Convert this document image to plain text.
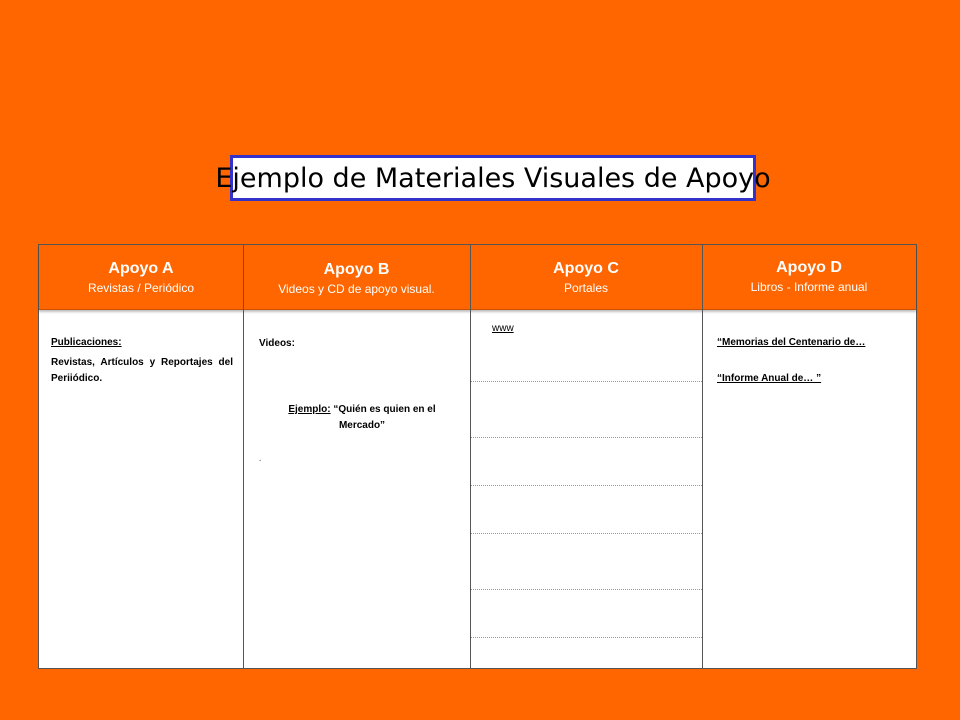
Ejemplo de Materiales Visuales de Apoyo
Apoyo A
Revistas / Periódico
Apoyo B
Videos y CD de apoyo visual.
Apoyo C
Portales
Apoyo D
Libros - Informe anual
Publicaciones:
Revistas, Artículos y Reportajes del Periiódico.
Videos:
Ejemplo: “Quién es quien en el Mercado”
.
www
“Memorias del Centenario de…
“Informe Anual de… ”
